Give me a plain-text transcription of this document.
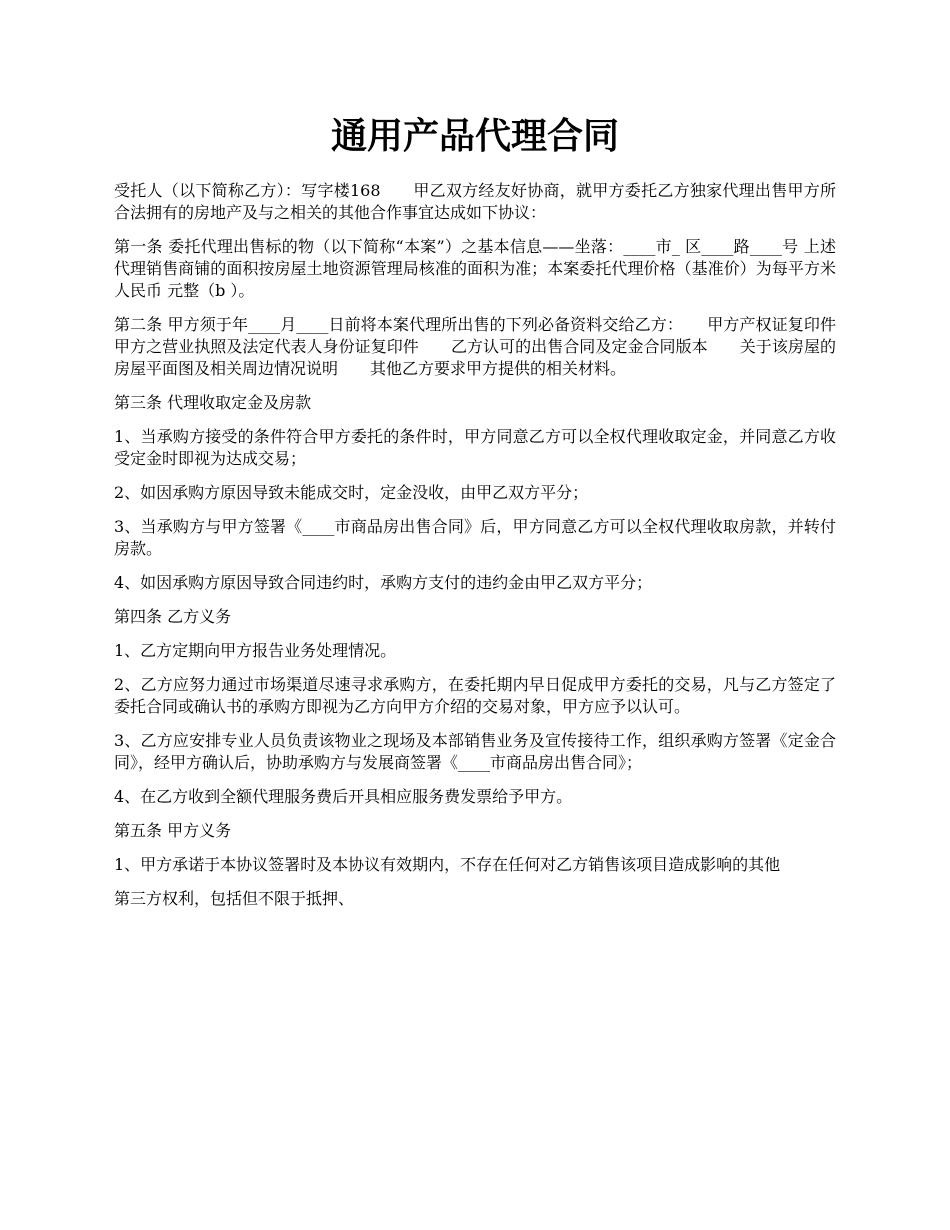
通用产品代理合同

受托人（以下简称乙方）：写字楼168　　甲乙双方经友好协商，就甲方委托乙方独家代理出售甲方所合法拥有的房地产及与之相关的其他合作事宜达成如下协议：

第一条 委托代理出售标的物（以下简称“本案”）之基本信息——坐落：____市_ 区____路____号 上述代理销售商铺的面积按房屋土地资源管理局核准的面积为准；本案委托代理价格（基准价）为每平方米人民币 元整（b ）。

第二条 甲方须于年____月____日前将本案代理所出售的下列必备资料交给乙方：　　甲方产权证复印件　　甲方之营业执照及法定代表人身份证复印件　　乙方认可的出售合同及定金合同版本　　关于该房屋的房屋平面图及相关周边情况说明　　其他乙方要求甲方提供的相关材料。

第三条 代理收取定金及房款

1、当承购方接受的条件符合甲方委托的条件时，甲方同意乙方可以全权代理收取定金，并同意乙方收受定金时即视为达成交易；

2、如因承购方原因导致未能成交时，定金没收，由甲乙双方平分；

3、当承购方与甲方签署《____市商品房出售合同》后，甲方同意乙方可以全权代理收取房款，并转付房款。

4、如因承购方原因导致合同违约时，承购方支付的违约金由甲乙双方平分；

第四条 乙方义务

1、乙方定期向甲方报告业务处理情况。

2、乙方应努力通过市场渠道尽速寻求承购方，在委托期内早日促成甲方委托的交易，凡与乙方签定了委托合同或确认书的承购方即视为乙方向甲方介绍的交易对象，甲方应予以认可。

3、乙方应安排专业人员负责该物业之现场及本部销售业务及宣传接待工作，组织承购方签署《定金合同》，经甲方确认后，协助承购方与发展商签署《____市商品房出售合同》；

4、在乙方收到全额代理服务费后开具相应服务费发票给予甲方。

第五条 甲方义务

1、甲方承诺于本协议签署时及本协议有效期内，不存在任何对乙方销售该项目造成影响的其他

第三方权利，包括但不限于抵押、
